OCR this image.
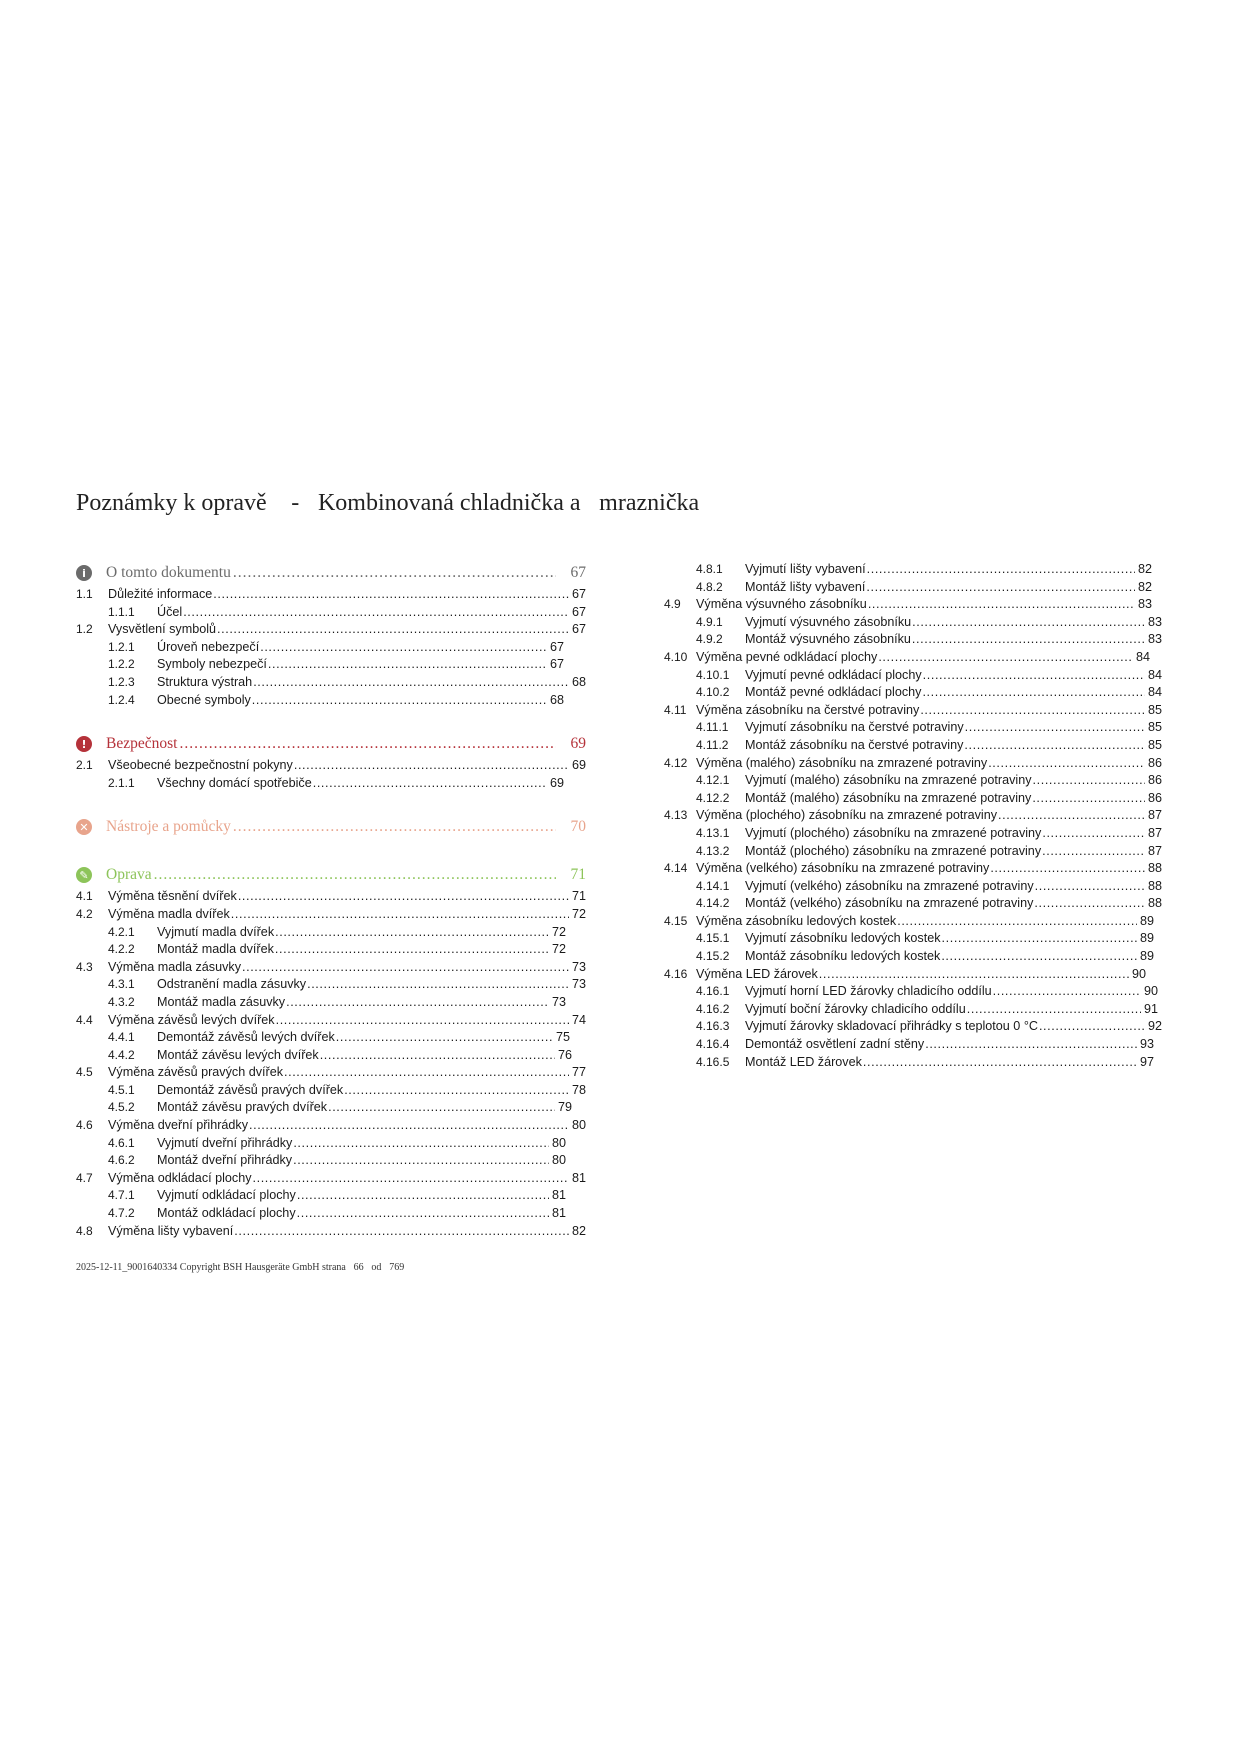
Poznámky k opravě  - Kombinovaná chladnička a mraznička
i	O tomto dokumentu .....	 67
1.1	Důležité informace .....	67
1.1.1	Účel .....	67
1.2	Vysvětlení symbolů .....	67
1.2.1	Úroveň nebezpečí .....	67
1.2.2	Symboly nebezpečí .....	67
1.2.3	Struktura výstrah .....	68
1.2.4	Obecné symboly .....	68
!	Bezpečnost .....	 69
2.1	Všeobecné bezpečnostní pokyny .....	69
2.1.1	Všechny domácí spotřebiče .....	69
✕ Nástroje a pomůcky .....	 70
✎ Oprava .....	 71
4.1	Výměna těsnění dvířek .....	71
4.2	Výměna madla dvířek .....	72
4.2.1	Vyjmutí madla dvířek .....	72
4.2.2	Montáž madla dvířek .....	72
4.3	Výměna madla zásuvky .....	73
4.3.1	Odstranění madla zásuvky .....	73
4.3.2	Montáž madla zásuvky .....	73
4.4	Výměna závěsů levých dvířek .....	74
4.4.1	Demontáž závěsů levých dvířek .....	75
4.4.2	Montáž závěsu levých dvířek .....	76
4.5	Výměna závěsů pravých dvířek .....	77
4.5.1	Demontáž závěsů pravých dvířek .....	78
4.5.2	Montáž závěsu pravých dvířek .....	79
4.6	Výměna dveřní přihrádky .....	80
4.6.1	Vyjmutí dveřní přihrádky .....	80
4.6.2	Montáž dveřní přihrádky .....	80
4.7	Výměna odkládací plochy .....	81
4.7.1	Vyjmutí odkládací plochy .....	81
4.7.2	Montáž odkládací plochy .....	81
4.8	Výměna lišty vybavení .....	82
4.8.1	Vyjmutí lišty vybavení .....	82
4.8.2	Montáž lišty vybavení .....	82
4.9	Výměna výsuvného zásobníku .....	83
4.9.1	Vyjmutí výsuvného zásobníku .....	83
4.9.2	Montáž výsuvného zásobníku .....	83
4.10 Výměna pevné odkládací plochy .....	84
4.10.1	Vyjmutí pevné odkládací plochy .....	84
4.10.2	Montáž pevné odkládací plochy .....	84
4.11 Výměna zásobníku na čerstvé potraviny .....	85
4.11.1	Vyjmutí zásobníku na čerstvé potraviny .....	85
4.11.2	Montáž zásobníku na čerstvé potraviny .....	85
4.12 Výměna (malého) zásobníku na zmrazené potraviny .....	86
4.12.1	Vyjmutí (malého) zásobníku na zmrazené potraviny .....	86
4.12.2	Montáž (malého) zásobníku na zmrazené potraviny .....	86
4.13 Výměna (plochého) zásobníku na zmrazené potraviny .....	87
4.13.1	Vyjmutí (plochého) zásobníku na zmrazené potraviny .....	87
4.13.2	Montáž (plochého) zásobníku na zmrazené potraviny .....	87
4.14 Výměna (velkého) zásobníku na zmrazené potraviny .....	88
4.14.1	Vyjmutí (velkého) zásobníku na zmrazené potraviny .....	88
4.14.2	Montáž (velkého) zásobníku na zmrazené potraviny .....	88
4.15 Výměna zásobníku ledových kostek .....	89
4.15.1	Vyjmutí zásobníku ledových kostek .....	89
4.15.2	Montáž zásobníku ledových kostek .....	89
4.16 Výměna LED žárovek .....	90
4.16.1	Vyjmutí horní LED žárovky chladicího oddílu .....	90
4.16.2	Vyjmutí boční žárovky chladicího oddílu .....	91
4.16.3	Vyjmutí žárovky skladovací přihrádky s teplotou 0 °C .....	92
4.16.4	Demontáž osvětlení zadní stěny .....	93
4.16.5	Montáž LED žárovek .....	97
2025-12-11_9001640334 Copyright BSH Hausgeräte GmbH strana 66 od 769
